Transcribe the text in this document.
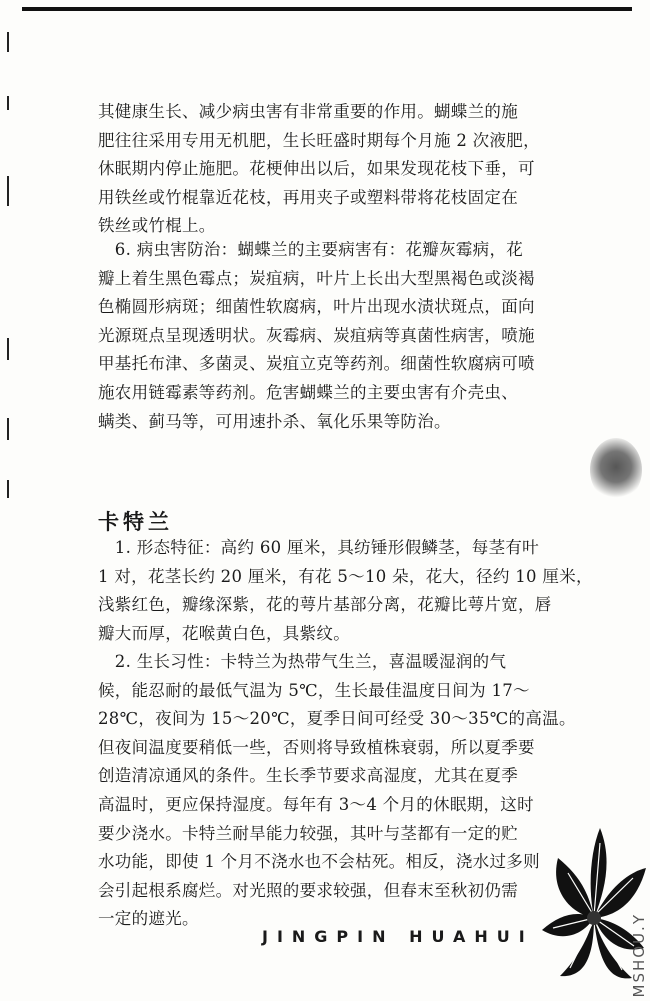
其健康生长、减少病虫害有非常重要的作用。蝴蝶兰的施
肥往往采用专用无机肥，生长旺盛时期每个月施 2 次液肥，
休眠期内停止施肥。花梗伸出以后，如果发现花枝下垂，可
用铁丝或竹棍靠近花枝，再用夹子或塑料带将花枝固定在
铁丝或竹棍上。
　6. 病虫害防治：蝴蝶兰的主要病害有：花瓣灰霉病，花
瓣上着生黑色霉点；炭疽病，叶片上长出大型黑褐色或淡褐
色椭圆形病斑；细菌性软腐病，叶片出现水渍状斑点，面向
光源斑点呈现透明状。灰霉病、炭疽病等真菌性病害，喷施
甲基托布津、多菌灵、炭疽立克等药剂。细菌性软腐病可喷
施农用链霉素等药剂。危害蝴蝶兰的主要虫害有介壳虫、
螨类、蓟马等，可用速扑杀、氧化乐果等防治。
卡特兰
　1. 形态特征：高约 60 厘米，具纺锤形假鳞茎，每茎有叶
1 对，花茎长约 20 厘米，有花 5～10 朵，花大，径约 10 厘米，
浅紫红色，瓣缘深紫，花的萼片基部分离，花瓣比萼片宽，唇
瓣大而厚，花喉黄白色，具紫纹。
　2. 生长习性：卡特兰为热带气生兰，喜温暖湿润的气
候，能忍耐的最低气温为 5℃，生长最佳温度日间为 17～
28℃，夜间为 15～20℃，夏季日间可经受 30～35℃的高温。
但夜间温度要稍低一些，否则将导致植株衰弱，所以夏季要
创造清凉通风的条件。生长季节要求高湿度，尤其在夏季
高温时，更应保持湿度。每年有 3～4 个月的休眠期，这时
要少浇水。卡特兰耐旱能力较强，其叶与茎都有一定的贮
水功能，即使 1 个月不浇水也不会枯死。相反，浇水过多则
会引起根系腐烂。对光照的要求较强，但春末至秋初仍需
一定的遮光。
JINGPIN HUAHUI	MSHOU.Y
